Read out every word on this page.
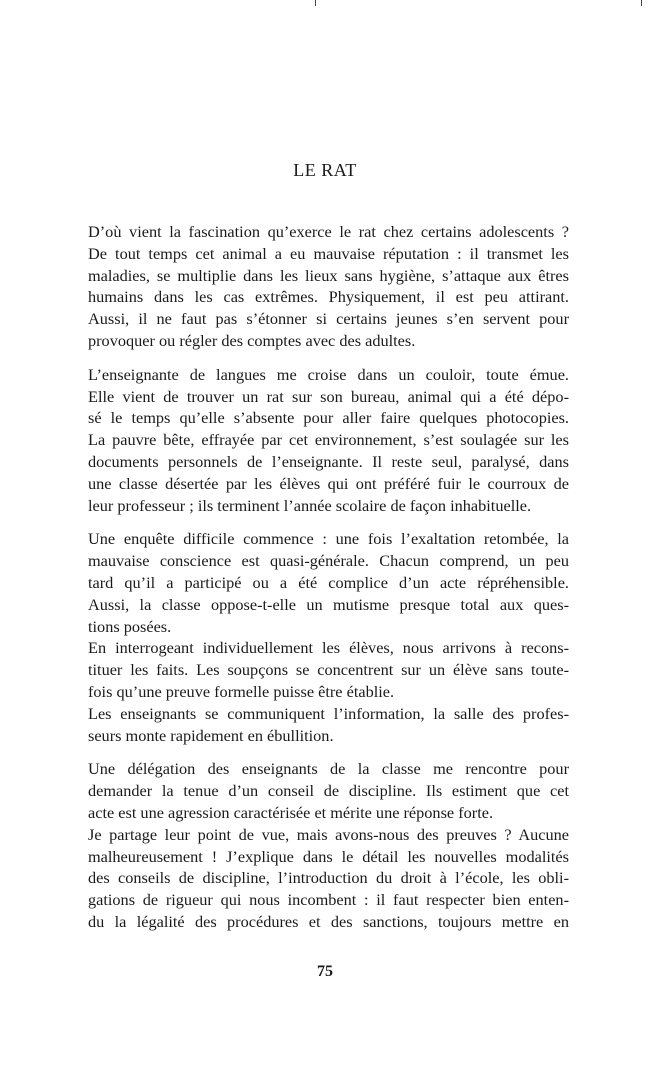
LE RAT
D’où vient la fascination qu’exerce le rat chez certains adolescents ?
De tout temps cet animal a eu mauvaise réputation : il transmet les
maladies, se multiplie dans les lieux sans hygiène, s’attaque aux êtres
humains dans les cas extrêmes. Physiquement, il est peu attirant.
Aussi, il ne faut pas s’étonner si certains jeunes s’en servent pour
provoquer ou régler des comptes avec des adultes.
L’enseignante de langues me croise dans un couloir, toute émue.
Elle vient de trouver un rat sur son bureau, animal qui a été dépo-
sé le temps qu’elle s’absente pour aller faire quelques photocopies.
La pauvre bête, effrayée par cet environnement, s’est soulagée sur les
documents personnels de l’enseignante. Il reste seul, paralysé, dans
une classe désertée par les élèves qui ont préféré fuir le courroux de
leur professeur ; ils terminent l’année scolaire de façon inhabituelle.
Une enquête difficile commence : une fois l’exaltation retombée, la
mauvaise conscience est quasi-générale. Chacun comprend, un peu
tard qu’il a participé ou a été complice d’un acte répréhensible.
Aussi, la classe oppose-t-elle un mutisme presque total aux ques-
tions posées.
En interrogeant individuellement les élèves, nous arrivons à recons-
tituer les faits. Les soupçons se concentrent sur un élève sans toute-
fois qu’une preuve formelle puisse être établie.
Les enseignants se communiquent l’information, la salle des profes-
seurs monte rapidement en ébullition.
Une délégation des enseignants de la classe me rencontre pour
demander la tenue d’un conseil de discipline. Ils estiment que cet
acte est une agression caractérisée et mérite une réponse forte.
Je partage leur point de vue, mais avons-nous des preuves ? Aucune
malheureusement ! J’explique dans le détail les nouvelles modalités
des conseils de discipline, l’introduction du droit à l’école, les obli-
gations de rigueur qui nous incombent : il faut respecter bien enten-
du la légalité des procédures et des sanctions, toujours mettre en
75
